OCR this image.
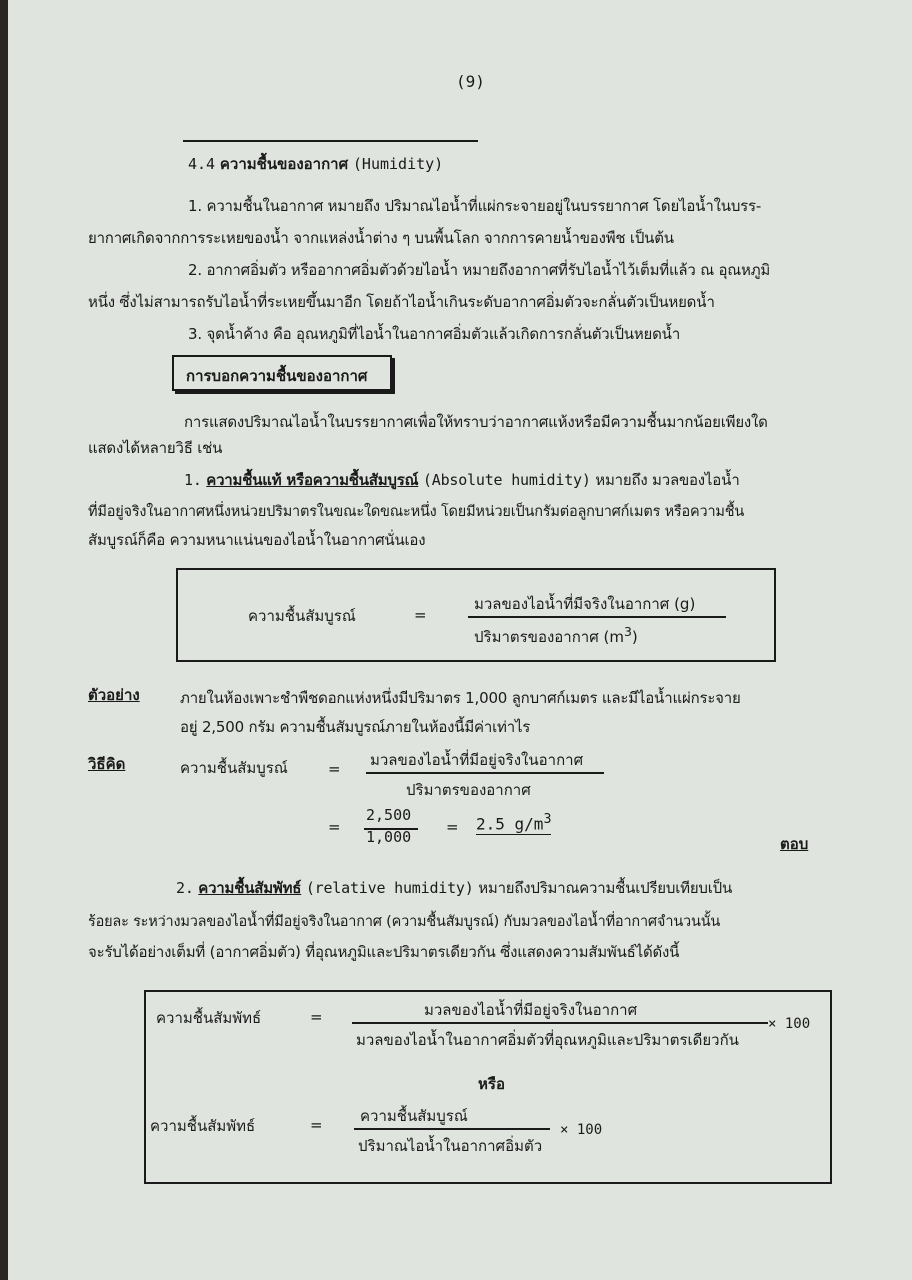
(9)
4.4 ความชื้นของอากาศ (Humidity)
1. ความชื้นในอากาศ หมายถึง ปริมาณไอน้ำที่แผ่กระจายอยู่ในบรรยากาศ โดยไอน้ำในบรร-
ยากาศเกิดจากการระเหยของน้ำ จากแหล่งน้ำต่าง ๆ บนพื้นโลก จากการคายน้ำของพืช เป็นต้น
2. อากาศอิ่มตัว หรืออากาศอิ่มตัวด้วยไอน้ำ หมายถึงอากาศที่รับไอน้ำไว้เต็มที่แล้ว ณ อุณหภูมิ
หนึ่ง ซึ่งไม่สามารถรับไอน้ำที่ระเหยขึ้นมาอีก โดยถ้าไอน้ำเกินระดับอากาศอิ่มตัวจะกลั่นตัวเป็นหยดน้ำ
3. จุดน้ำค้าง คือ อุณหภูมิที่ไอน้ำในอากาศอิ่มตัวแล้วเกิดการกลั่นตัวเป็นหยดน้ำ
การบอกความชื้นของอากาศ
การแสดงปริมาณไอน้ำในบรรยากาศเพื่อให้ทราบว่าอากาศแห้งหรือมีความชื้นมากน้อยเพียงใด
แสดงได้หลายวิธี เช่น
1. ความชื้นแท้ หรือความชื้นสัมบูรณ์ (Absolute humidity) หมายถึง มวลของไอน้ำ
ที่มีอยู่จริงในอากาศหนึ่งหน่วยปริมาตรในขณะใดขณะหนึ่ง โดยมีหน่วยเป็นกรัมต่อลูกบาศก์เมตร หรือความชื้น
สัมบูรณ์ก็คือ ความหนาแน่นของไอน้ำในอากาศนั่นเอง
ความชื้นสัมบูรณ์	=
มวลของไอน้ำที่มีจริงในอากาศ (g)
ปริมาตรของอากาศ $(m^3)$
ตัวอย่าง	ภายในห้องเพาะชำพืชดอกแห่งหนึ่งมีปริมาตร 1,000 ลูกบาศก์เมตร และมีไอน้ำแผ่กระจาย
อยู่ 2,500 กรัม ความชื้นสัมบูรณ์ภายในห้องนี้มีค่าเท่าไร
วิธีคิด	ความชื้นสัมบูรณ์	= มวลของไอน้ำที่มีอยู่จริงในอากาศ
ปริมาตรของอากาศ
=
2,500
1,000
= 2.5 $g/m^3$
ตอบ
2. ความชื้นสัมพัทธ์ (relative humidity) หมายถึงปริมาณความชื้นเปรียบเทียบเป็น
ร้อยละ ระหว่างมวลของไอน้ำที่มีอยู่จริงในอากาศ (ความชื้นสัมบูรณ์) กับมวลของไอน้ำที่อากาศจำนวนนั้น
จะรับได้อย่างเต็มที่ (อากาศอิ่มตัว) ที่อุณหภูมิและปริมาตรเดียวกัน ซึ่งแสดงความสัมพันธ์ได้ดังนี้
ความชื้นสัมพัทธ์	=	มวลของไอน้ำที่มีอยู่จริงในอากาศ
มวลของไอน้ำในอากาศอิ่มตัวที่อุณหภูมิและปริมาตรเดียวกัน
× 100
หรือ
ความชื้นสัมพัทธ์	= ความชื้นสัมบูรณ์
ปริมาณไอน้ำในอากาศอิ่มตัว
× 100
